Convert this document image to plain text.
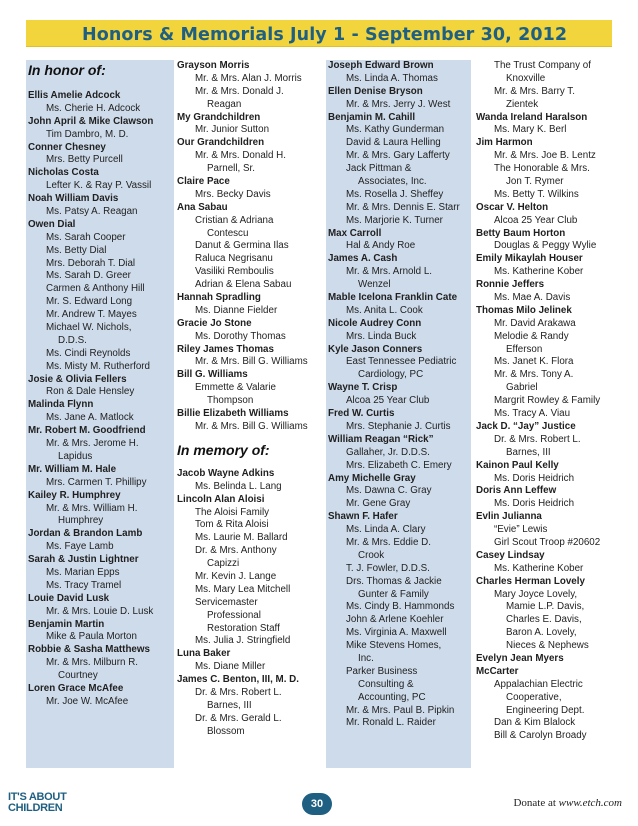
Honors & Memorials July 1 - September 30, 2012
In honor of:
Ellis Amelie Adcock
Ms. Cherie H. Adcock
John April & Mike Clawson
Tim Dambro, M. D.
Conner Chesney
Mrs. Betty Purcell
Nicholas Costa
Lefter K. & Ray P. Vassil
Noah William Davis
Ms. Patsy A. Reagan
Owen Dial
Ms. Sarah Cooper
Ms. Betty Dial
Mrs. Deborah T. Dial
Ms. Sarah D. Greer
Carmen & Anthony Hill
Mr. S. Edward Long
Mr. Andrew T. Mayes
Michael W. Nichols,
D.D.S.
Ms. Cindi Reynolds
Ms. Misty M. Rutherford
Josie & Olivia Fellers
Ron & Dale Hensley
Malinda Flynn
Ms. Jane A. Matlock
Mr. Robert M. Goodfriend
Mr. & Mrs. Jerome H.
Lapidus
Mr. William M. Hale
Mrs. Carmen T. Phillipy
Kailey R. Humphrey
Mr. & Mrs. William H.
Humphrey
Jordan & Brandon Lamb
Ms. Faye Lamb
Sarah & Justin Lightner
Ms. Marian Epps
Ms. Tracy Tramel
Louie David Lusk
Mr. & Mrs. Louie D. Lusk
Benjamin Martin
Mike & Paula Morton
Robbie & Sasha Matthews
Mr. & Mrs. Milburn R.
Courtney
Loren Grace McAfee
Mr. Joe W. McAfee
Grayson Morris
Mr. & Mrs. Alan J. Morris
Mr. & Mrs. Donald J.
Reagan
My Grandchildren
Mr. Junior Sutton
Our Grandchildren
Mr. & Mrs. Donald H.
Parnell, Sr.
Claire Pace
Mrs. Becky Davis
Ana Sabau
Cristian & Adriana
Contescu
Danut & Germina Ilas
Raluca Negrisanu
Vasiliki Remboulis
Adrian & Elena Sabau
Hannah Spradling
Ms. Dianne Fielder
Gracie Jo Stone
Ms. Dorothy Thomas
Riley James Thomas
Mr. & Mrs. Bill G. Williams
Bill G. Williams
Emmette & Valarie
Thompson
Billie Elizabeth Williams
Mr. & Mrs. Bill G. Williams
In memory of:
Jacob Wayne Adkins
Ms. Belinda L. Lang
Lincoln Alan Aloisi
The Aloisi Family
Tom & Rita Aloisi
Ms. Laurie M. Ballard
Dr. & Mrs. Anthony
Capizzi
Mr. Kevin J. Lange
Ms. Mary Lea Mitchell
Servicemaster
Professional
Restoration Staff
Ms. Julia J. Stringfield
Luna Baker
Ms. Diane Miller
James C. Benton, III, M. D.
Dr. & Mrs. Robert L.
Barnes, III
Dr. & Mrs. Gerald L.
Blossom
Joseph Edward Brown
Ms. Linda A. Thomas
Ellen Denise Bryson
Mr. & Mrs. Jerry J. West
Benjamin M. Cahill
Ms. Kathy Gunderman
David & Laura Helling
Mr. & Mrs. Gary Lafferty
Jack Pittman &
Associates, Inc.
Ms. Rosella J. Sheffey
Mr. & Mrs. Dennis E. Starr
Ms. Marjorie K. Turner
Max Carroll
Hal & Andy Roe
James A. Cash
Mr. & Mrs. Arnold L.
Wenzel
Mable Icelona Franklin Cate
Ms. Anita L. Cook
Nicole Audrey Conn
Mrs. Linda Buck
Kyle Jason Conners
East Tennessee Pediatric
Cardiology, PC
Wayne T. Crisp
Alcoa 25 Year Club
Fred W. Curtis
Mrs. Stephanie J. Curtis
William Reagan “Rick”
Gallaher, Jr. D.D.S.
Mrs. Elizabeth C. Emery
Amy Michelle Gray
Ms. Dawna C. Gray
Mr. Gene Gray
Shawn F. Hafer
Ms. Linda A. Clary
Mr. & Mrs. Eddie D.
Crook
T. J. Fowler, D.D.S.
Drs. Thomas & Jackie
Gunter & Family
Ms. Cindy B. Hammonds
John & Arlene Koehler
Ms. Virginia A. Maxwell
Mike Stevens Homes,
Inc.
Parker Business
Consulting &
Accounting, PC
Mr. & Mrs. Paul B. Pipkin
Mr. Ronald L. Raider
The Trust Company of
Knoxville
Mr. & Mrs. Barry T.
Zientek
Wanda Ireland Haralson
Ms. Mary K. Berl
Jim Harmon
Mr. & Mrs. Joe B. Lentz
The Honorable & Mrs.
Jon T. Rymer
Ms. Betty T. Wilkins
Oscar V. Helton
Alcoa 25 Year Club
Betty Baum Horton
Douglas & Peggy Wylie
Emily Mikaylah Houser
Ms. Katherine Kober
Ronnie Jeffers
Ms. Mae A. Davis
Thomas Milo Jelinek
Mr. David Arakawa
Melodie & Randy
Efferson
Ms. Janet K. Flora
Mr. & Mrs. Tony A.
Gabriel
Margrit Rowley & Family
Ms. Tracy A. Viau
Jack D. “Jay” Justice
Dr. & Mrs. Robert L.
Barnes, III
Kainon Paul Kelly
Ms. Doris Heidrich
Doris Ann Leffew
Ms. Doris Heidrich
Evlin Julianna
“Evie” Lewis
Girl Scout Troop #20602
Casey Lindsay
Ms. Katherine Kober
Charles Herman Lovely
Mary Joyce Lovely,
Mamie L.P. Davis,
Charles E. Davis,
Baron A. Lovely,
Nieces & Nephews
Evelyn Jean Myers
McCarter
Appalachian Electric
Cooperative,
Engineering Dept.
Dan & Kim Blalock
Bill & Carolyn Broady
IT'S ABOUT
CHILDREN	30	Donate at www.etch.com
